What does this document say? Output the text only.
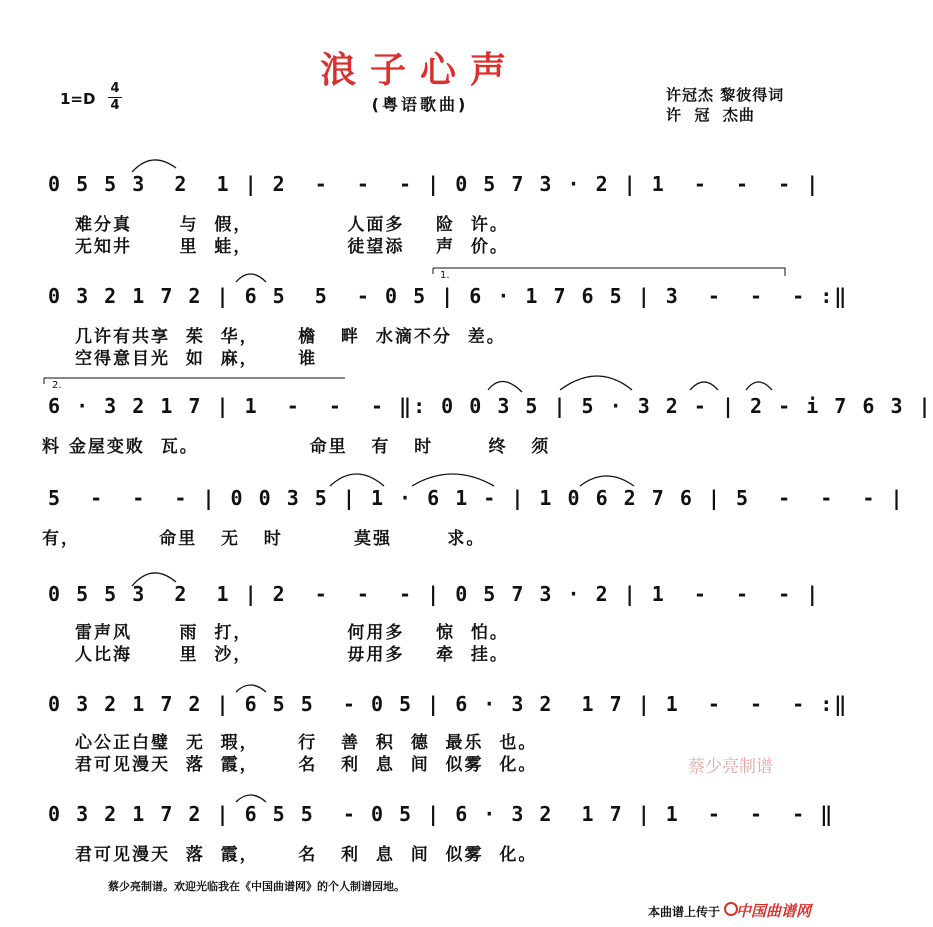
浪子心声
(粤语歌曲)
1=D
4
4
许冠杰 黎彼得词
许  冠  杰曲
0 5 5 3  2  1 | 2  -  -  - | 0 5 7 3 · 2 | 1  -  -  - |
难分真      与  假，            人面多    险  许。
无知井      里  蛙，            徒望添    声  价。
1.
0 3 2 1 7 2 | 6 5  5  - 0 5 | 6 · 1 7 6 5 | 3  -  -  - :‖
几许有共享  茱  华，     檐   畔  水滴不分  差。
空得意目光  如  麻，     谁
2.
6 · 3 2 1 7 | 1  -  -  - ‖: 0 0 3 5 | 5 · 3 2 - | 2 - i 7 6 3 |
料 金屋变败  瓦。              命里   有   时       终   须
5  -  -  - | 0 0 3 5 | 1 · 6 1 - | 1 0 6 2 7 6 | 5  -  -  - |
有，          命里   无   时         莫强       求。
0 5 5 3  2  1 | 2  -  -  - | 0 5 7 3 · 2 | 1  -  -  - |
雷声风      雨  打，            何用多    惊  怕。
人比海      里  沙，            毋用多    牵  挂。
0 3 2 1 7 2 | 6 5 5  - 0 5 | 6 · 3 2  1 7 | 1  -  -  - :‖
心公正白璧  无  瑕，     行   善  积  德  最乐  也。
君可见漫天  落  霞，     名   利  息  间  似雾  化。
0 3 2 1 7 2 | 6 5 5  - 0 5 | 6 · 3 2  1 7 | 1  -  -  - ‖
君可见漫天  落  霞，     名   利  息  间  似雾  化。
蔡少亮制谱
蔡少亮制谱。欢迎光临我在《中国曲谱网》的个人制谱园地。
本曲谱上传于 中国曲谱网
